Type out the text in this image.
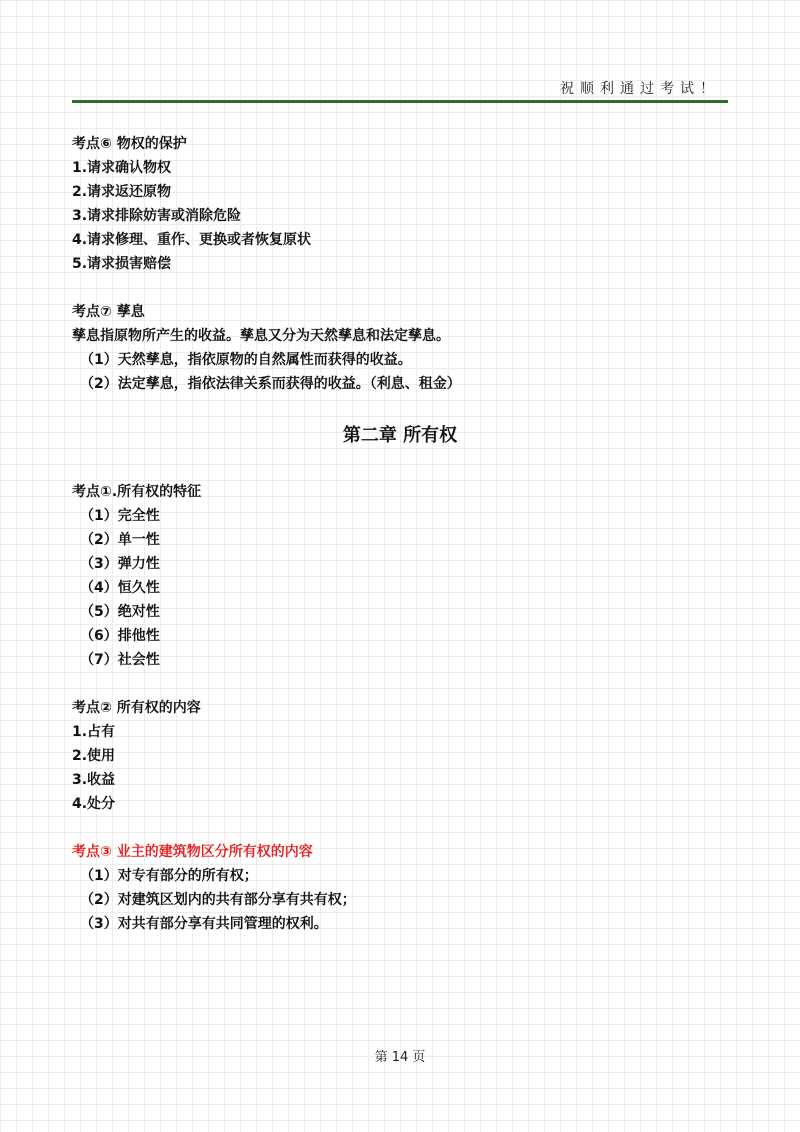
祝顺利通过考试！
考点⑥ 物权的保护
1.请求确认物权
2.请求返还原物
3.请求排除妨害或消除危险
4.请求修理、重作、更换或者恢复原状
5.请求损害赔偿
考点⑦ 孳息
孳息指原物所产生的收益。孳息又分为天然孳息和法定孳息。
（1）天然孳息，指依原物的自然属性而获得的收益。
（2）法定孳息，指依法律关系而获得的收益。（利息、租金）
第二章 所有权
考点①.所有权的特征
（1）完全性
（2）单一性
（3）弹力性
（4）恒久性
（5）绝对性
（6）排他性
（7）社会性
考点② 所有权的内容
1.占有
2.使用
3.收益
4.处分
考点③ 业主的建筑物区分所有权的内容
（1）对专有部分的所有权；
（2）对建筑区划内的共有部分享有共有权；
（3）对共有部分享有共同管理的权利。
第 14 页
